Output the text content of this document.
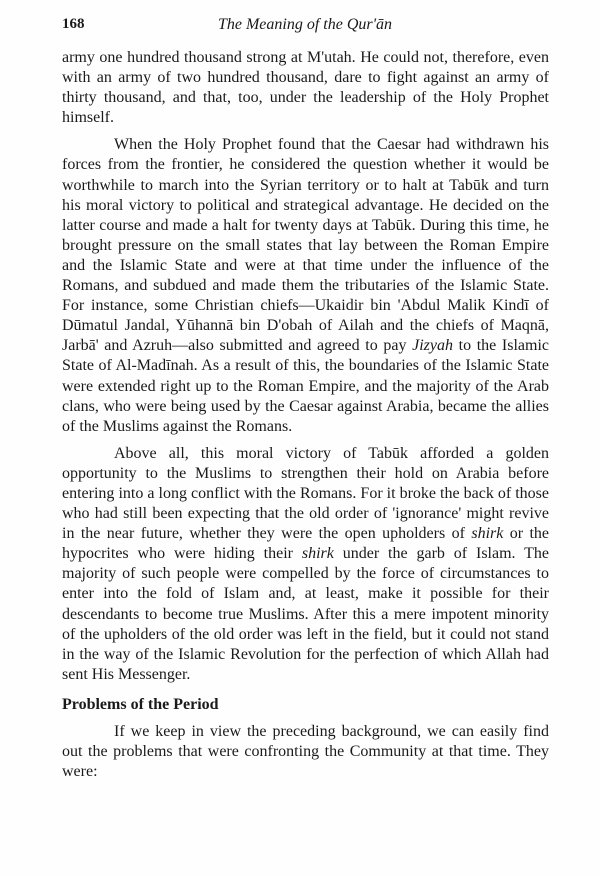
168	The Meaning of the Qur'ān

army one hundred thousand strong at M'utah. He could not, therefore, even with an army of two hundred thousand, dare to fight against an army of thirty thousand, and that, too, under the leadership of the Holy Prophet himself.

When the Holy Prophet found that the Caesar had withdrawn his forces from the frontier, he considered the question whether it would be worthwhile to march into the Syrian territory or to halt at Tabūk and turn his moral victory to political and strategical advantage. He decided on the latter course and made a halt for twenty days at Tabūk. During this time, he brought pressure on the small states that lay between the Roman Empire and the Islamic State and were at that time under the influence of the Romans, and subdued and made them the tributaries of the Islamic State. For instance, some Christian chiefs—Ukaidir bin 'Abdul Malik Kindī of Dūmatul Jandal, Yūhannā bin D'obah of Ailah and the chiefs of Maqnā, Jarbā' and Azruh—also submitted and agreed to pay Jizyah to the Islamic State of Al-Madīnah. As a result of this, the boundaries of the Islamic State were extended right up to the Roman Empire, and the majority of the Arab clans, who were being used by the Caesar against Arabia, became the allies of the Muslims against the Romans.

Above all, this moral victory of Tabūk afforded a golden opportunity to the Muslims to strengthen their hold on Arabia before entering into a long conflict with the Romans. For it broke the back of those who had still been expecting that the old order of 'ignorance' might revive in the near future, whether they were the open upholders of shirk or the hypocrites who were hiding their shirk under the garb of Islam. The majority of such people were compelled by the force of circumstances to enter into the fold of Islam and, at least, make it possible for their descendants to become true Muslims. After this a mere impotent minority of the upholders of the old order was left in the field, but it could not stand in the way of the Islamic Revolution for the perfection of which Allah had sent His Messenger.

Problems of the Period

If we keep in view the preceding background, we can easily find out the problems that were confronting the Community at that time. They were:
